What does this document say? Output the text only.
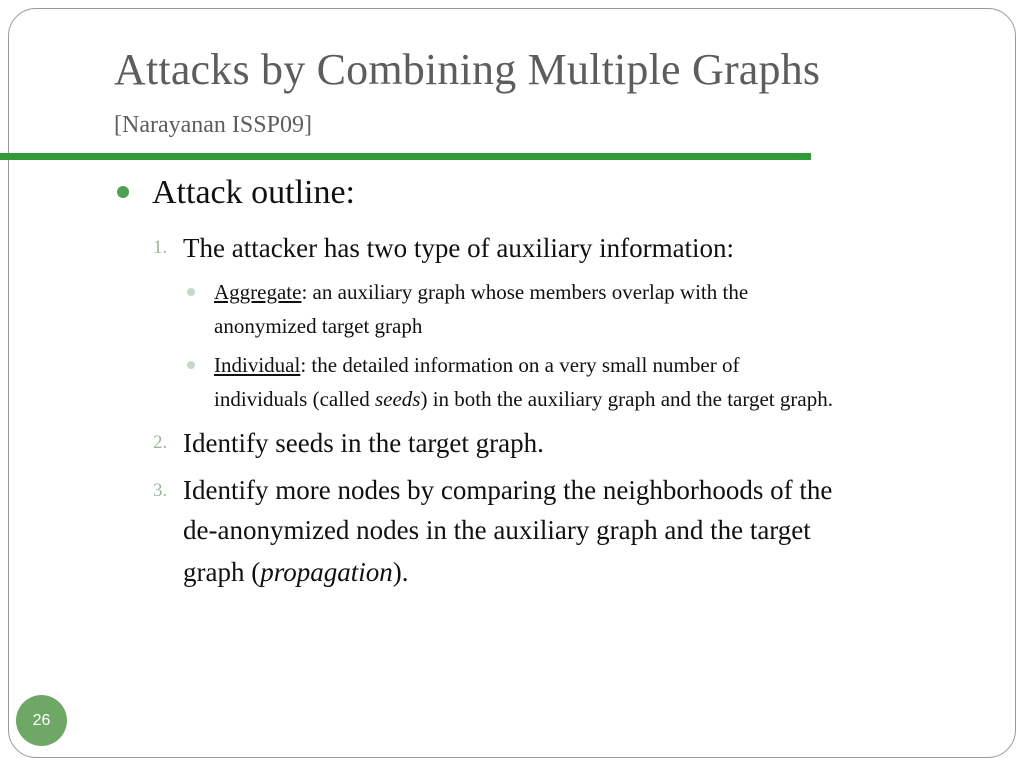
Attacks by Combining Multiple Graphs
[Narayanan ISSP09]
Attack outline:
1. The attacker has two type of auxiliary information:
Aggregate: an auxiliary graph whose members overlap with the
anonymized target graph
Individual: the detailed information on a very small number of
individuals (called seeds) in both the auxiliary graph and the target graph.
2. Identify seeds in the target graph.
3. Identify more nodes by comparing the neighborhoods of the
de-anonymized nodes in the auxiliary graph and the target
graph (propagation).
26
